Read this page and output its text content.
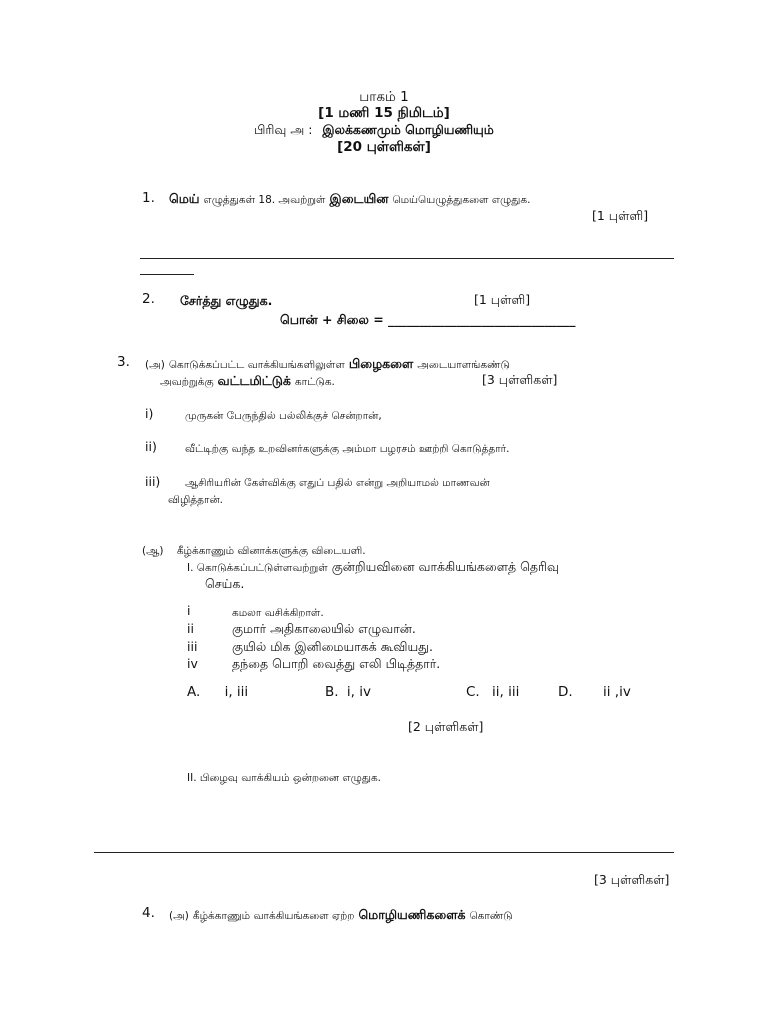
பாகம் 1
[1 மணி 15 நிமிடம்]
பிரிவு அ : இலக்கணமும் மொழியணியும்
[20 புள்ளிகள்]
1. மெய் எழுத்துகள் 18. அவற்றுள் இடையின மெய்யெழுத்துகளை எழுதுக.
[1 புள்ளி]
2. சேர்த்து எழுதுக.	[1 புள்ளி]
பொன் + சிலை = ______________________________
3. (அ) கொடுக்கப்பட்ட வாக்கியங்களிலுள்ள பிழைகளை அடையாளங்கண்டு
அவற்றுக்கு வட்டமிட்டுக் காட்டுக.	[3 புள்ளிகள்]
i)	முருகன் பேருந்தில் பல்லிக்குச் சென்றான்,
ii)	வீட்டிற்கு வந்த உறவினர்களுக்கு அம்மா பழரசம் ஊற்றி கொடுத்தார்.
iii) ஆசிரியரின் கேள்விக்கு எதுப் பதில் என்று அறியாமல் மாணவன்
விழித்தான்.
(ஆ) கீழ்க்காணும் வினாக்களுக்கு விடையளி.
I. கொடுக்கப்பட்டுள்ளவற்றுள் குன்றியவினை வாக்கியங்களைத் தெரிவு
செய்க.
i	கமலா வசிக்கிறாள்.
ii	குமார் அதிகாலையில் எழுவான்.
iii	குயில் மிக இனிமையாகக் கூவியது.
iv	தந்தை பொறி வைத்து எலி பிடித்தார்.
A. i, iii	B. i, iv	C. ii, iii	D. ii ,iv
[2 புள்ளிகள்]
II. பிழைவு வாக்கியம் ஒன்றனை எழுதுக.
[3 புள்ளிகள்]
4. (அ) கீழ்க்காணும் வாக்கியங்களை ஏற்ற மொழியணிகளைக் கொண்டு
